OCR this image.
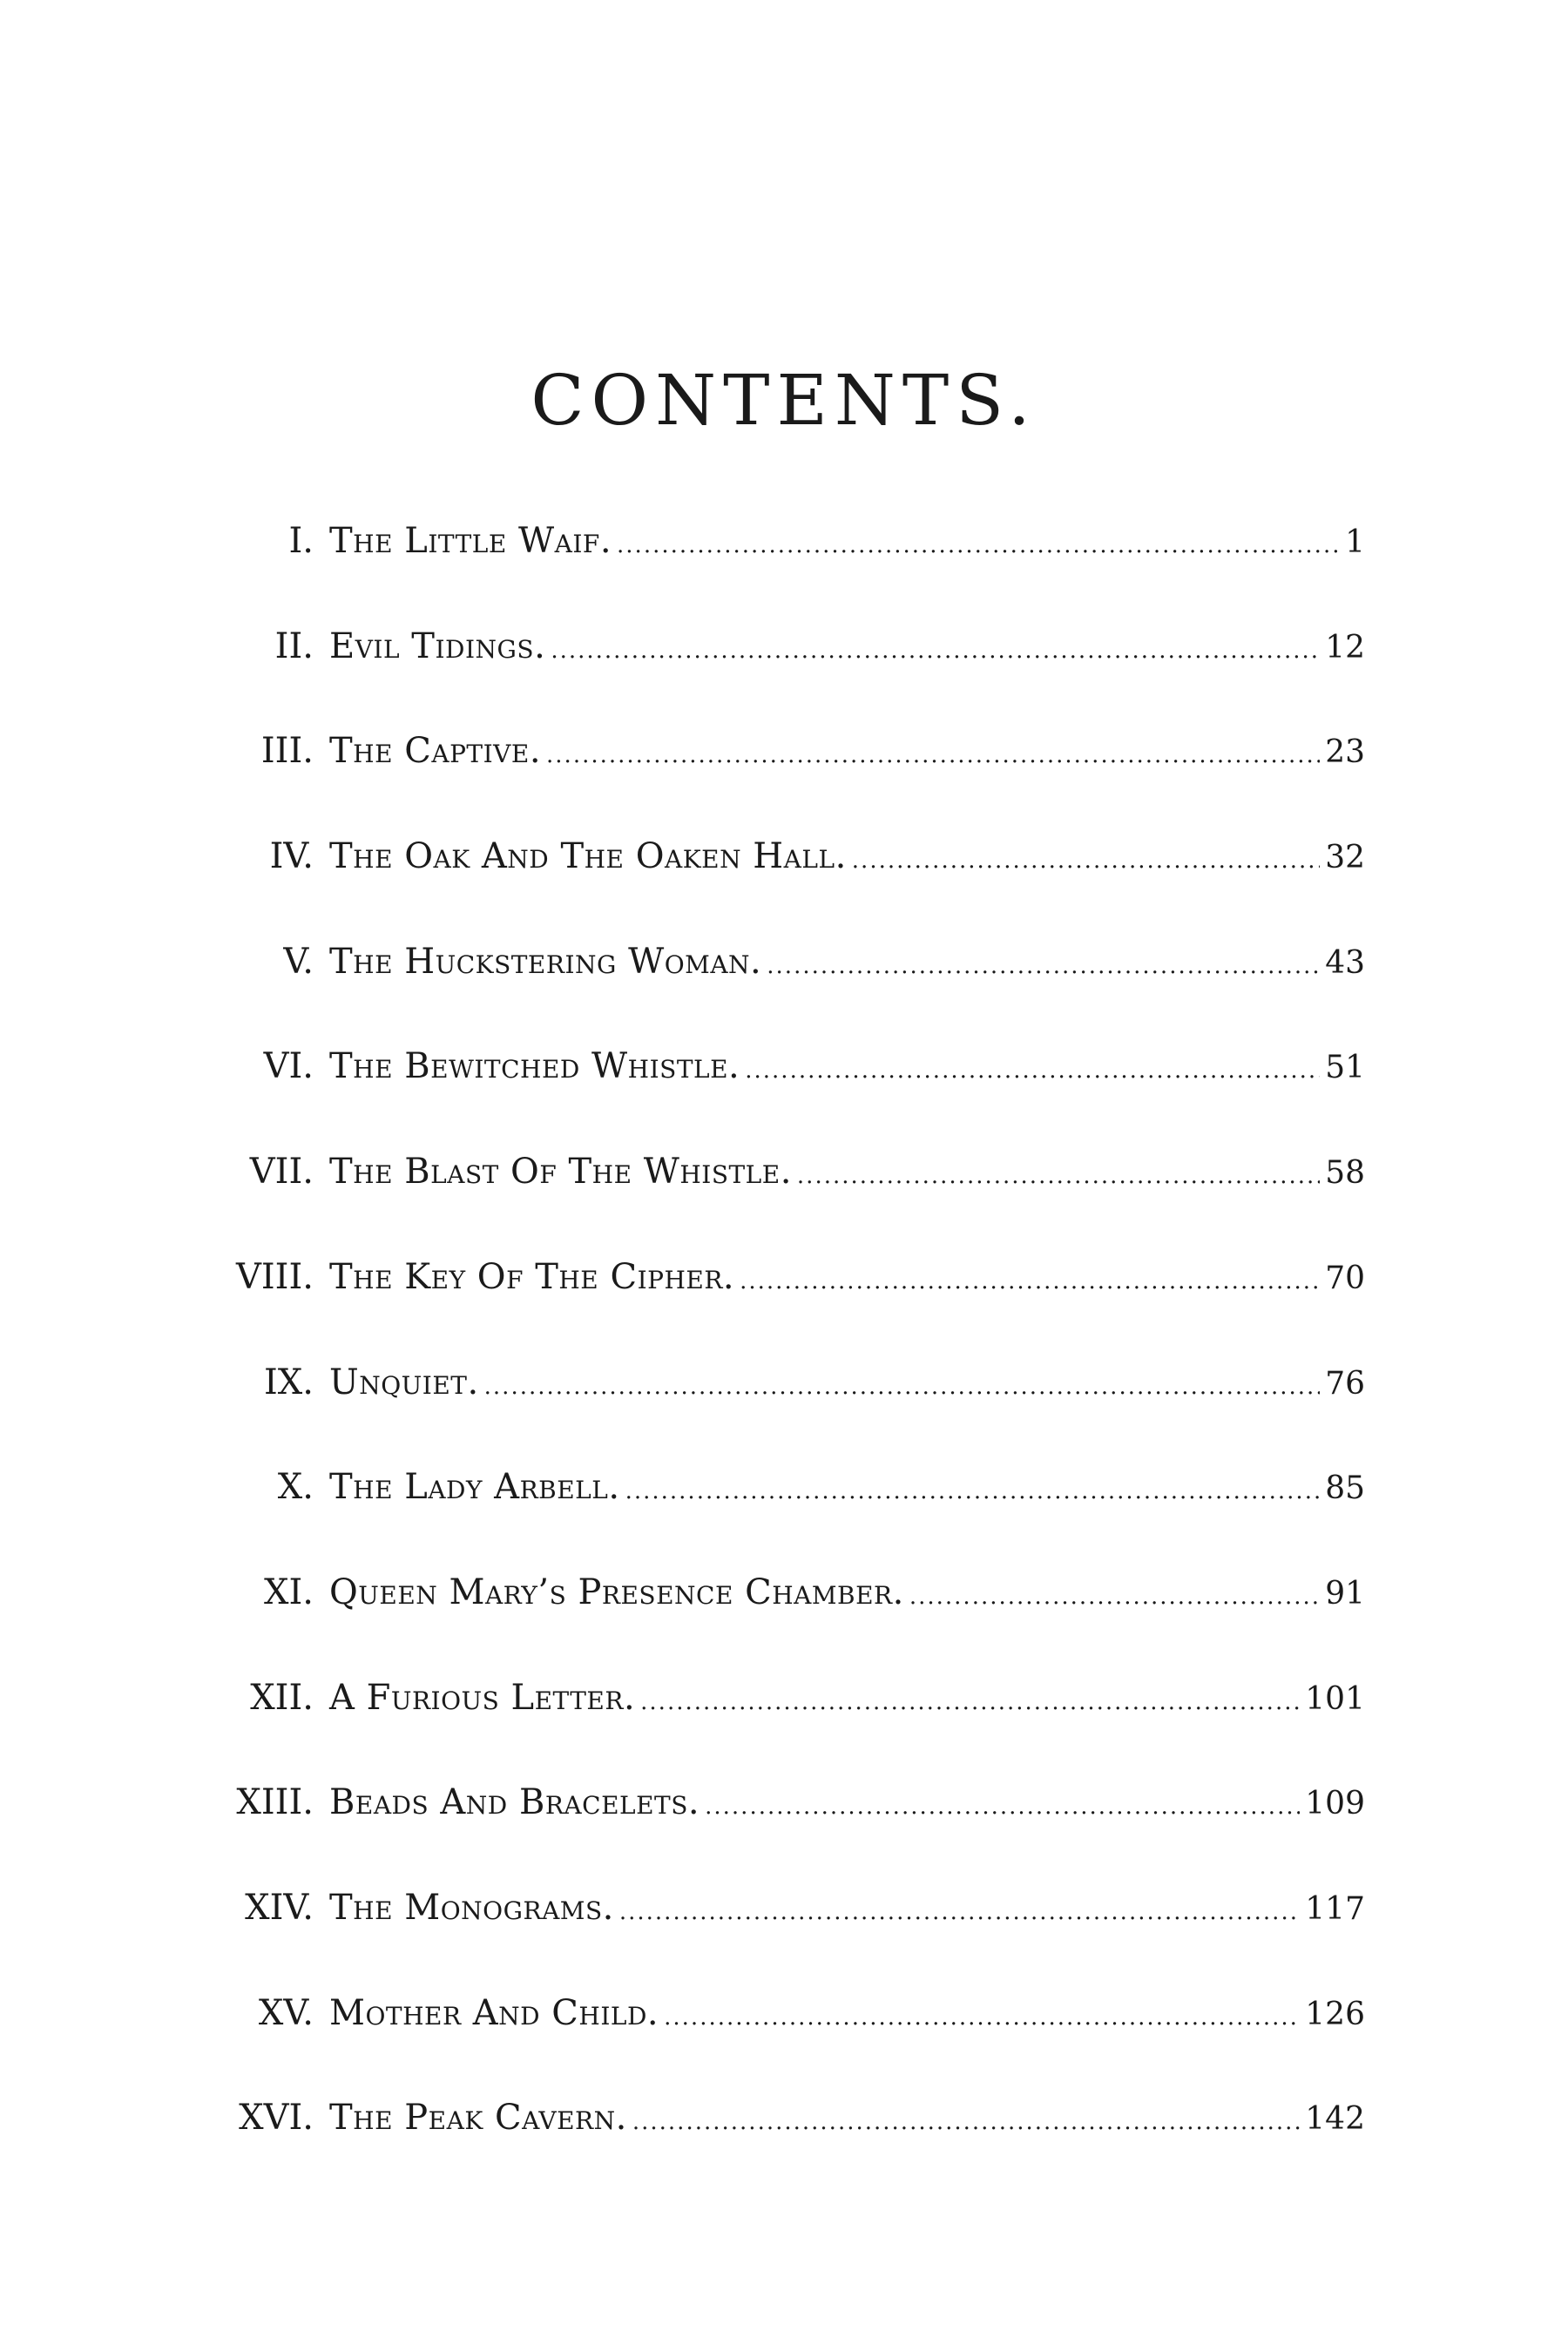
CONTENTS.
I. The Little Waif. .....	1
II. Evil Tidings. .....	12
III. The Captive. .....	23
IV. The Oak And The Oaken Hall. .....	32
V. The Huckstering Woman. .....	43
VI. The Bewitched Whistle. .....	51
VII. The Blast Of The Whistle. .....	58
VIII. The Key Of The Cipher. .....	70
IX. Unquiet. .....	76
X. The Lady Arbell. .....	85
XI. Queen Mary’s Presence Chamber. .....	91
XII. A Furious Letter. .....	101
XIII. Beads And Bracelets. .....	109
XIV. The Monograms. .....	117
XV. Mother And Child. .....	126
XVI. The Peak Cavern. .....	142
